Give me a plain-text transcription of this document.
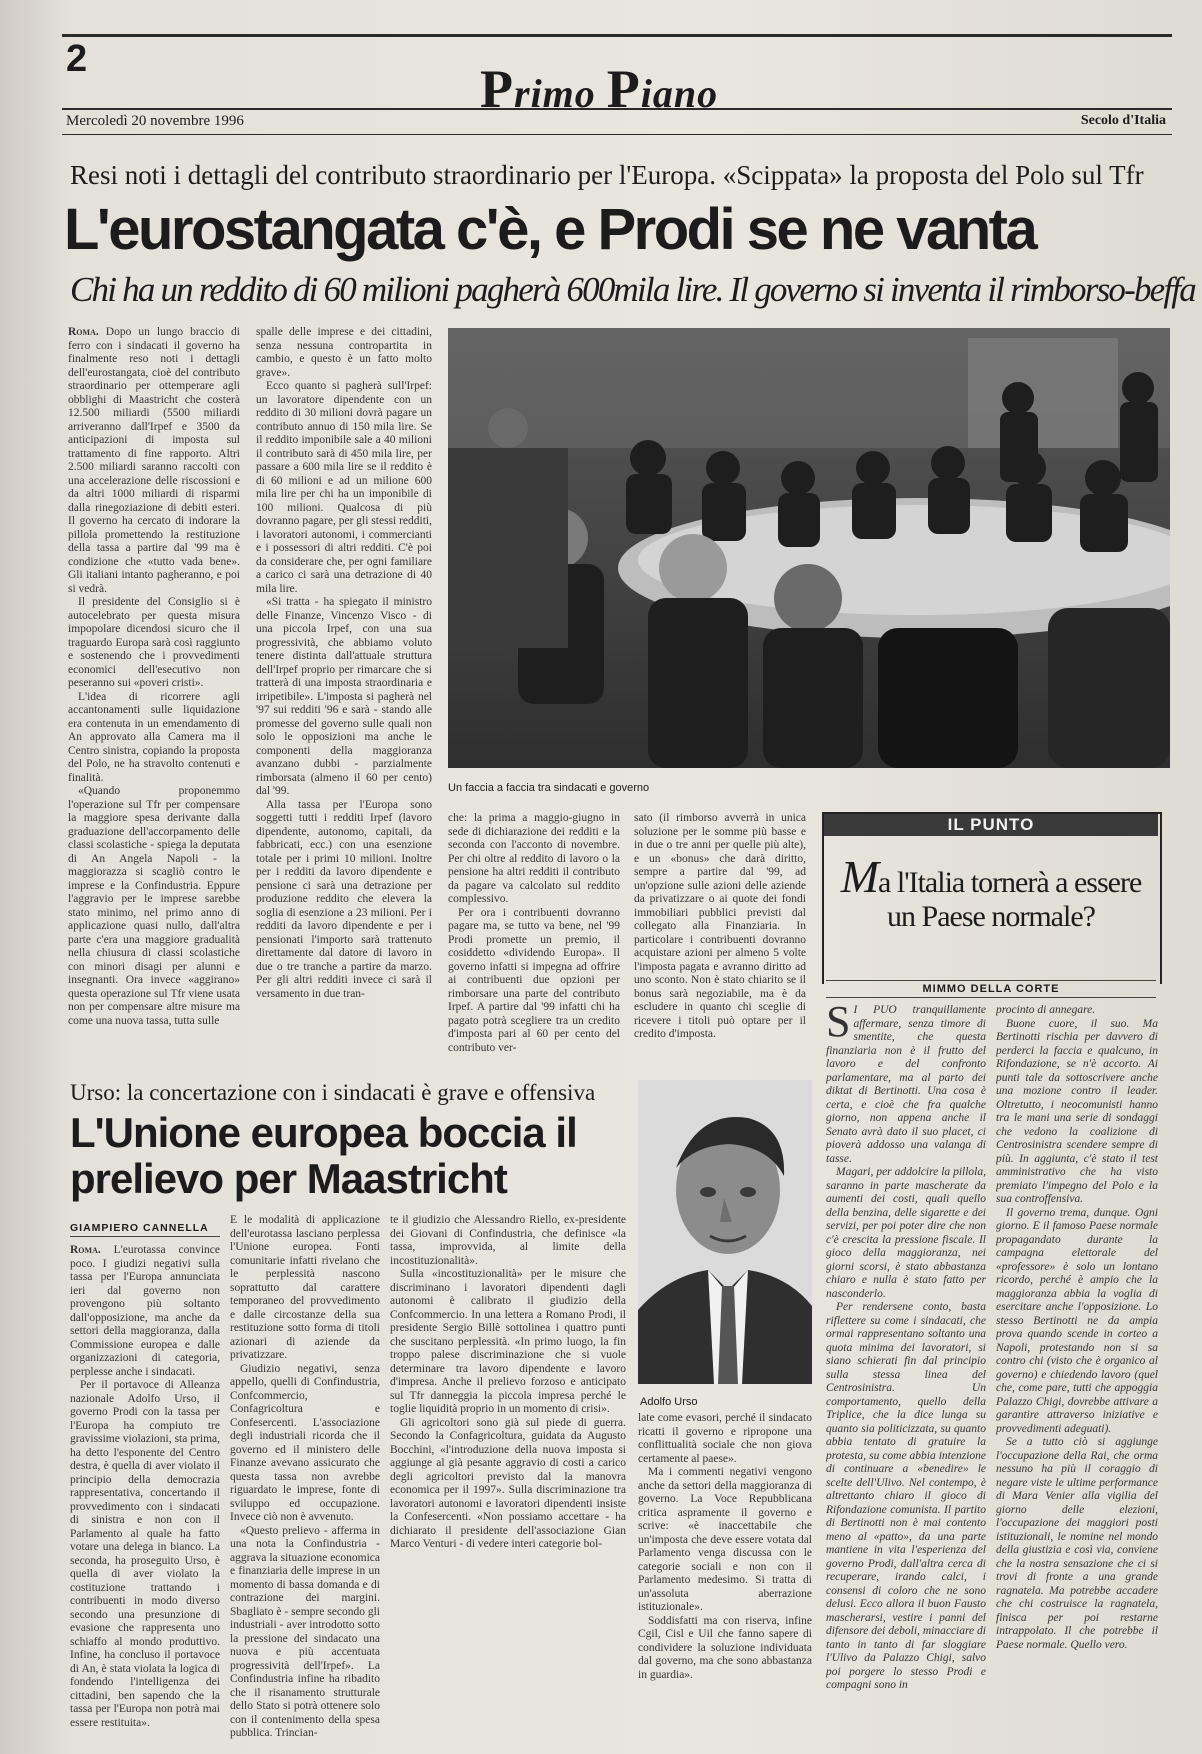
2	Primo Piano
Mercoledì 20 novembre 1996	Secolo d'Italia
Resi noti i dettagli del contributo straordinario per l'Europa. «Scippata» la proposta del Polo sul Tfr
L'eurostangata c'è, e Prodi se ne vanta
Chi ha un reddito di 60 milioni pagherà 600mila lire. Il governo si inventa il rimborso-beffa

Roma. Dopo un lungo braccio di ferro con i sindacati il governo ha finalmente reso noti i dettagli dell'eurostangata, cioè del contributo straordinario per ottemperare agli obblighi di Maastricht che costerà 12.500 miliardi (5500 miliardi arriveranno dall'Irpef e 3500 da anticipazioni di imposta sul trattamento di fine rapporto. Altri 2.500 miliardi saranno raccolti con una accelerazione delle riscossioni e da altri 1000 miliardi di risparmi dalla rinegoziazione di debiti esteri. Il governo ha cercato di indorare la pillola promettendo la restituzione della tassa a partire dal '99 ma è condizione che «tutto vada bene». Gli italiani intanto pagheranno, e poi si vedrà.

Il presidente del Consiglio si è autocelebrato per questa misura impopolare dicendosi sicuro che il traguardo Europa sarà così raggiunto e sostenendo che i provvedimenti economici dell'esecutivo non peseranno sui «poveri cristi».

L'idea di ricorrere agli accantonamenti sulle liquidazione era contenuta in un emendamento di An approvato alla Camera ma il Centro sinistra, copiando la proposta del Polo, ne ha stravolto contenuti e finalità.

«Quando proponemmo l'operazione sul Tfr per compensare la maggiore spesa derivante dalla graduazione dell'accorpamento delle classi scolastiche - spiega la deputata di An Angela Napoli - la maggiorazza si scagliò contro le imprese e la Confindustria. Eppure l'aggravio per le imprese sarebbe stato minimo, nel primo anno di applicazione quasi nullo, dall'altra parte c'era una maggiore gradualità nella chiusura di classi scolastiche con minori disagi per alunni e insegnanti. Ora invece «aggirano» questa operazione sul Tfr viene usata non per compensare altre misure ma come una nuova tassa, tutta sulle

spalle delle imprese e dei cittadini, senza nessuna contropartita in cambio, e questo è un fatto molto grave».

Ecco quanto si pagherà sull'Irpef: un lavoratore dipendente con un reddito di 30 milioni dovrà pagare un contributo annuo di 150 mila lire. Se il reddito imponibile sale a 40 milioni il contributo sarà di 450 mila lire, per passare a 600 mila lire se il reddito è di 60 milioni e ad un milione 600 mila lire per chi ha un imponibile di 100 milioni. Qualcosa di più dovranno pagare, per gli stessi redditi, i lavoratori autonomi, i commercianti e i possessori di altri redditi. C'è poi da considerare che, per ogni familiare a carico ci sarà una detrazione di 40 mila lire.

«Si tratta - ha spiegato il ministro delle Finanze, Vincenzo Visco - di una piccola Irpef, con una sua progressività, che abbiamo voluto tenere distinta dall'attuale struttura dell'Irpef proprio per rimarcare che si tratterà di una imposta straordinaria e irripetibile». L'imposta si pagherà nel '97 sui redditi '96 e sarà - stando alle promesse del governo sulle quali non solo le opposizioni ma anche le componenti della maggioranza avanzano dubbi - parzialmente rimborsata (almeno il 60 per cento) dal '99.

Alla tassa per l'Europa sono soggetti tutti i redditi Irpef (lavoro dipendente, autonomo, capitali, da fabbricati, ecc.) con una esenzione totale per i primi 10 milioni. Inoltre per i redditi da lavoro dipendente e pensione ci sarà una detrazione per produzione reddito che elevera la soglia di esenzione a 23 milioni. Per i redditi da lavoro dipendente e per i pensionati l'importo sarà trattenuto direttamente dal datore di lavoro in due o tre tranche a partire da marzo. Per gli altri redditi invece ci sarà il versamento in due tran-

Un faccia a faccia tra sindacati e governo

che: la prima a maggio-giugno in sede di dichiarazione dei redditi e la seconda con l'acconto di novembre. Per chi oltre al reddito di lavoro o la pensione ha altri redditi il contributo da pagare va calcolato sul reddito complessivo.

Per ora i contribuenti dovranno pagare ma, se tutto va bene, nel '99 Prodi promette un premio, il cosiddetto «dividendo Europa». Il governo infatti si impegna ad offrire ai contribuenti due opzioni per rimborsare una parte del contributo Irpef. A partire dal '99 infatti chi ha pagato potrà scegliere tra un credito d'imposta pari al 60 per cento del contributo ver-

sato (il rimborso avverrà in unica soluzione per le somme più basse e in due o tre anni per quelle più alte), e un «bonus» che darà diritto, sempre a partire dal '99, ad un'opzione sulle azioni delle aziende da privatizzare o ai quote dei fondi immobiliari pubblici previsti dal collegato alla Finanziaria. In particolare i contribuenti dovranno acquistare azioni per almeno 5 volte l'imposta pagata e avranno diritto ad uno sconto. Non è stato chiarito se il bonus sarà negoziabile, ma è da escludere in quanto chi sceglie di ricevere i titoli può optare per il credito d'imposta.

IL PUNTO
Ma l'Italia tornerà a essere un Paese normale?
MIMMO DELLA CORTE

S I PUÒ tranquillamente affermare, senza timore di smentite, che questa finanziaria non è il frutto del lavoro e del confronto parlamentare, ma al parto dei diktat di Bertinotti. Una cosa è certa, e cioè che fra qualche giorno, non appena anche il Senato avrà dato il suo placet, ci pioverà addosso una valanga di tasse.

Magari, per addolcire la pillola, saranno in parte mascherate da aumenti dei costi, quali quello della benzina, delle sigarette e dei servizi, per poi poter dire che non c'è crescita la pressione fiscale. Il gioco della maggioranza, nei giorni scorsi, è stato abbastanza chiaro e nulla è stato fatto per nasconderlo.

Per rendersene conto, basta riflettere su come i sindacati, che ormai rappresentano soltanto una quota minima dei lavoratori, si siano schierati fin dal principio sulla stessa linea del Centrosinistra. Un comportamento, quello della Triplice, che la dice lunga su quanto sia politicizzata, su quanto abbia tentato di gratuire la protesta, su come abbia intenzione di continuare a «benedire» le scelte dell'Ulivo. Nel contempo, è altrettanto chiaro il gioco di Rifondazione comunista. Il partito di Bertinotti non è mai contento meno al «patto», da una parte mantiene in vita l'esperienza del governo Prodi, dall'altra cerca di recuperare, irando calci, i consensi di coloro che ne sono delusi. Ecco allora il buon Fausto mascherarsi, vestire i panni del difensore dei deboli, minacciare di tanto in tanto di far sloggiare l'Ulivo da Palazzo Chigi, salvo poi porgere lo stesso Prodi e compagni sono in

procinto di annegare.

Buone cuore, il suo. Ma Bertinotti rischia per davvero di perderci la faccia e qualcuno, in Rifondazione, se n'è accorto. Ai punti tale da sottoscrivere anche una mozione contro il leader. Oltretutto, i neocomunisti hanno tra le mani una serie di sondaggi che vedono la coalizione di Centrosinistra scendere sempre di più. In aggiunta, c'è stato il test amministrativo che ha visto premiato l'impegno del Polo e la sua controffensiva.

Il governo trema, dunque. Ogni giorno. E il famoso Paese normale propagandato durante la campagna elettorale del «professore» è solo un lontano ricordo, perché è ampio che la maggioranza abbia la voglia di esercitare anche l'opposizione. Lo stesso Bertinotti ne da ampia prova quando scende in corteo a Napoli, protestando non si sa contro chi (visto che è organico al governo) e chiedendo lavoro (quel che, come pare, tutti che appoggia Palazzo Chigi, dovrebbe attivare a garantire attraverso iniziative e provvedimenti adeguati).

Se a tutto ciò si aggiunge l'occupazione della Rai, che orma nessuno ha più il coraggio di negare viste le ultime performance di Mara Venier alla vigilia del giorno delle elezioni, l'occupazione dei maggiori posti istituzionali, le nomine nel mondo della giustizia e così via, conviene che la nostra sensazione che ci si trovi di fronte a una grande ragnatela. Ma potrebbe accadere che chi costruisce la ragnatela, finisca per poi restarne intrappolato. Il che potrebbe il Paese normale. Quello vero.

Urso: la concertazione con i sindacati è grave e offensiva
L'Unione europea boccia il prelievo per Maastricht
GIAMPIERO CANNELLA
Adolfo Urso

Roma. L'eurotassa convince poco. I giudizi negativi sulla tassa per l'Europa annunciata ieri dal governo non provengono più soltanto dall'opposizione, ma anche da settori della maggioranza, dalla Commissione europea e dalle organizzazioni di categoria, perplesse anche i sindacati.

Per il portavoce di Alleanza nazionale Adolfo Urso, il governo Prodi con la tassa per l'Europa ha compiuto tre gravissime violazioni, sta prima, ha detto l'esponente del Centro destra, è quella di aver violato il principio della democrazia rappresentativa, concertando il provvedimento con i sindacati di sinistra e non con il Parlamento al quale ha fatto votare una delega in bianco. La seconda, ha proseguito Urso, è quella di aver violato la costituzione trattando i contribuenti in modo diverso secondo una presunzione di evasione che rappresenta uno schiaffo al mondo produttivo. Infine, ha concluso il portavoce di An, è stata violata la logica di fondendo l'intelligenza dei cittadini, ben sapendo che la tassa per l'Europa non potrà mai essere restituita».

E le modalità di applicazione dell'eurotassa lasciano perplessa l'Unione europea. Fonti comunitarie infatti rivelano che le perplessità nascono soprattutto dal carattere temporaneo del provvedimento e dalle circostanze della sua restituzione sotto forma di titoli azionari di aziende da privatizzare.

Giudizio negativi, senza appello, quelli di Confindustria, Confcommercio, Confagricoltura e Confesercenti. L'associazione degli industriali ricorda che il governo ed il ministero delle Finanze avevano assicurato che questa tassa non avrebbe riguardato le imprese, fonte di sviluppo ed occupazione. Invece ciò non è avvenuto.

«Questo prelievo - afferma in una nota la Confindustria - aggrava la situazione economica e finanziaria delle imprese in un momento di bassa domanda e di contrazione dei margini. Sbagliato è - sempre secondo gli industriali - aver introdotto sotto la pressione del sindacato una nuova e più accentuata progressività dell'Irpef». La Confindustria infine ha ribadito che il risanamento strutturale dello Stato si potrà ottenere solo con il contenimento della spesa pubblica. Trincian-

te il giudizio che Alessandro Riello, ex-presidente dei Giovani di Confindustria, che definisce «la tassa, improvvida, al limite della incostituzionalità».

Sulla «incostituzionalità» per le misure che discriminano i lavoratori dipendenti dagli autonomi è calibrato il giudizio della Confcommercio. In una lettera a Romano Prodi, il presidente Sergio Billè sottolinea i quattro punti che suscitano perplessità. «In primo luogo, la fin troppo palese discriminazione che si vuole determinare tra lavoro dipendente e lavoro d'impresa. Anche il prelievo forzoso e anticipato sul Tfr danneggia la piccola impresa perché le toglie liquidità proprio in un momento di crisi».

Gli agricoltori sono già sul piede di guerra. Secondo la Confagricoltura, guidata da Augusto Bocchini, «l'introduzione della nuova imposta si aggiunge al già pesante aggravio di costi a carico degli agricoltori previsto dal la manovra economica per il 1997». Sulla discriminazione tra lavoratori autonomi e lavoratori dipendenti insiste la Confesercenti. «Non possiamo accettare - ha dichiarato il presidente dell'associazione Gian Marco Venturi - di vedere interi categorie bol-

late come evasori, perché il sindacato ricatti il governo e ripropone una conflittualità sociale che non giova certamente al paese».

Ma i commenti negativi vengono anche da settori della maggioranza di governo. La Voce Repubblicana critica aspramente il governo e scrive: «è inaccettabile che un'imposta che deve essere votata dal Parlamento venga discussa con le categorie sociali e non con il Parlamento medesimo. Si tratta di un'assoluta aberrazione istituzionale».

Soddisfatti ma con riserva, infine Cgil, Cisl e Uil che fanno sapere di condividere la soluzione individuata dal governo, ma che sono abbastanza in guardia».
